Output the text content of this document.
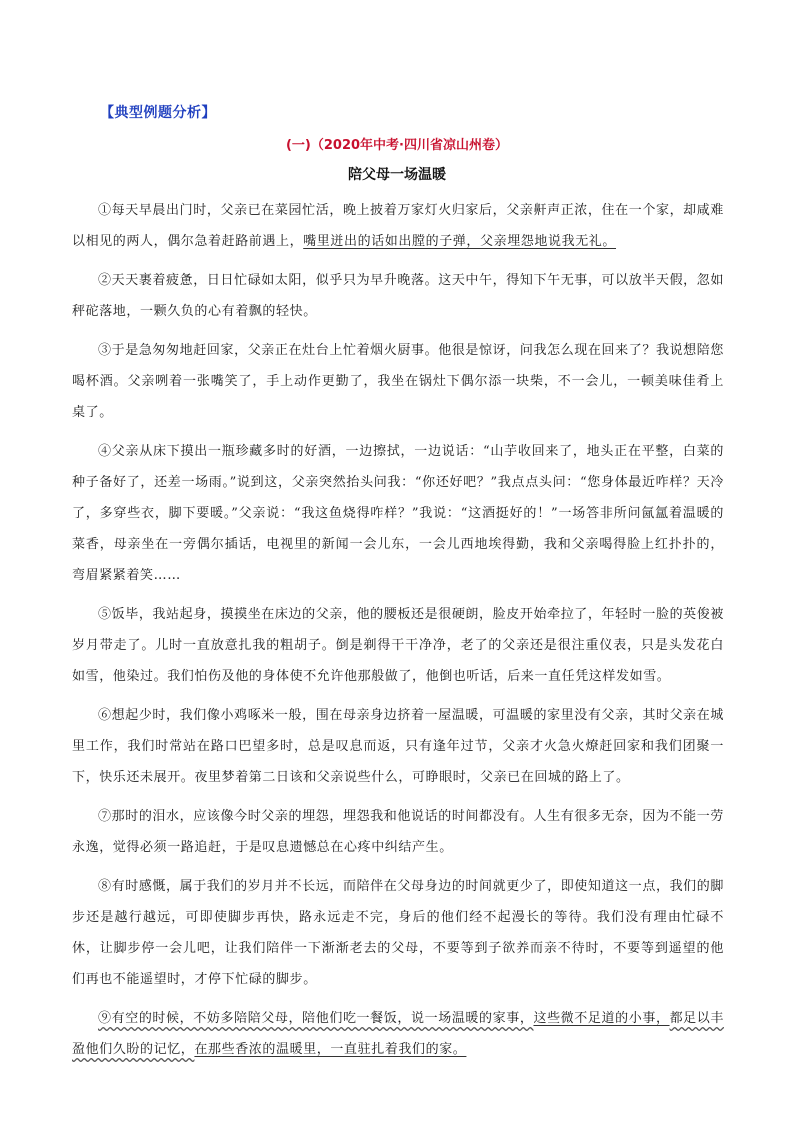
【典型例题分析】
(一)（2020年中考·四川省凉山州卷）
陪父母一场温暖

①每天早晨出门时，父亲已在菜园忙活，晚上披着万家灯火归家后，父亲鼾声正浓，住在一个家，却咸难以相见的两人，偶尔急着赶路前遇上，嘴里迸出的话如出膛的子弹，父亲埋怨地说我无礼。

②天天裹着疲惫，日日忙碌如太阳，似乎只为早升晚落。这天中午，得知下午无事，可以放半天假，忽如秤砣落地，一颗久负的心有着飘的轻快。

③于是急匆匆地赶回家，父亲正在灶台上忙着烟火厨事。他很是惊讶，问我怎么现在回来了？我说想陪您喝杯酒。父亲咧着一张嘴笑了，手上动作更勤了，我坐在锅灶下偶尔添一块柴，不一会儿，一顿美味佳肴上桌了。

④父亲从床下摸出一瓶珍藏多时的好酒，一边擦拭，一边说话：“山芋收回来了，地头正在平整，白菜的种子备好了，还差一场雨。”说到这，父亲突然抬头问我：“你还好吧？”我点点头问：“您身体最近咋样？天冷了，多穿些衣，脚下要暖。”父亲说：“我这鱼烧得咋样？”我说：“这酒挺好的！”一场答非所问氤氲着温暖的菜香，母亲坐在一旁偶尔插话，电视里的新闻一会儿东，一会儿西地埃得勤，我和父亲喝得脸上红扑扑的，弯眉紧紧着笑……

⑤饭毕，我站起身，摸摸坐在床边的父亲，他的腰板还是很硬朗，脸皮开始牵拉了，年轻时一脸的英俊被岁月带走了。儿时一直放意扎我的粗胡子。倒是剃得干干净净，老了的父亲还是很注重仪表，只是头发花白如雪，他染过。我们怕伤及他的身体使不允许他那般做了，他倒也听话，后来一直任凭这样发如雪。

⑥想起少时，我们像小鸡啄米一般，围在母亲身边挤着一屋温暖，可温暖的家里没有父亲，其时父亲在城里工作，我们时常站在路口巴望多时，总是叹息而返，只有逢年过节，父亲才火急火燎赶回家和我们团聚一下，快乐还未展开。夜里梦着第二日该和父亲说些什么，可睁眼时，父亲已在回城的路上了。

⑦那时的泪水，应该像今时父亲的埋怨，埋怨我和他说话的时间都没有。人生有很多无奈，因为不能一劳永逸，觉得必须一路追赶，于是叹息遗憾总在心疼中纠结产生。

⑧有时感慨，属于我们的岁月并不长远，而陪伴在父母身边的时间就更少了，即使知道这一点，我们的脚步还是越行越远，可即使脚步再快，路永远走不完，身后的他们经不起漫长的等待。我们没有理由忙碌不休，让脚步停一会儿吧，让我们陪伴一下渐渐老去的父母，不要等到子欲养而亲不待时，不要等到遥望的他们再也不能遥望时，才停下忙碌的脚步。

⑨有空的时候，不妨多陪陪父母，陪他们吃一餐饭，说一场温暖的家事，这些微不足道的小事，都足以丰盈他们久盼的记忆，在那些香浓的温暖里，一直驻扎着我们的家。
